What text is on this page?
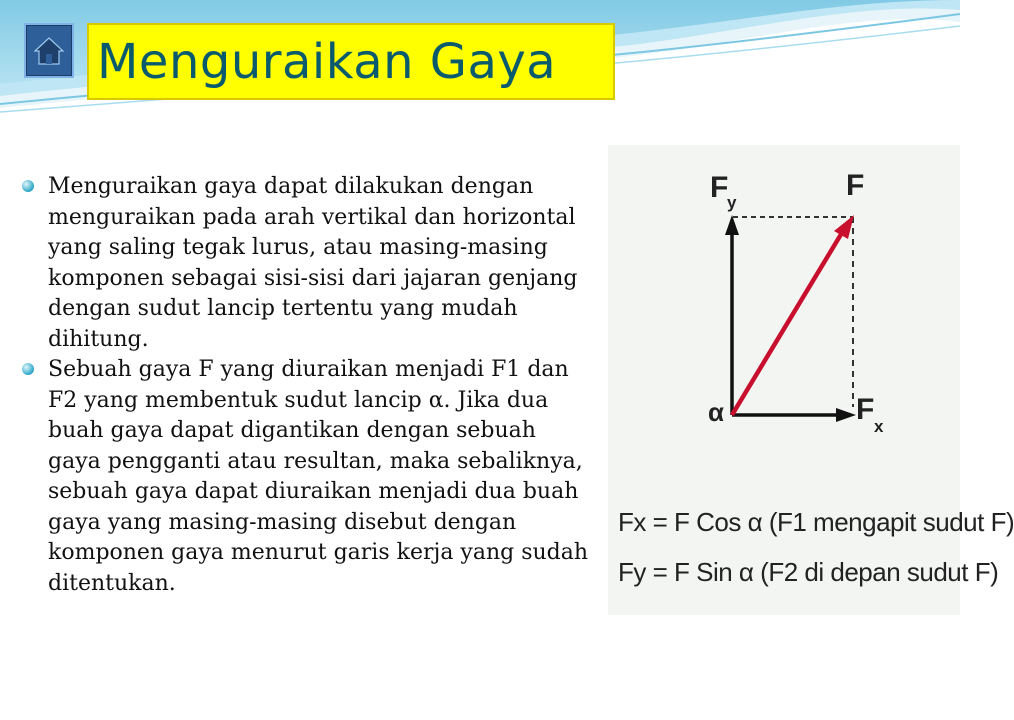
Menguraikan Gaya
Menguraikan gaya dapat dilakukan dengan menguraikan pada arah vertikal dan horizontal yang saling tegak lurus, atau masing-masing komponen sebagai sisi-sisi dari jajaran genjang dengan sudut lancip tertentu yang mudah dihitung.
Sebuah gaya F yang diuraikan menjadi F1 dan F2 yang membentuk sudut lancip α. Jika dua buah gaya dapat digantikan dengan sebuah gaya pengganti atau resultan, maka sebaliknya, sebuah gaya dapat diuraikan menjadi dua buah gaya yang masing-masing disebut dengan komponen gaya menurut garis kerja yang sudah ditentukan.
F
y
F
F
x
α
Fx = F Cos α (F1 mengapit sudut F)
Fy = F Sin α (F2 di depan sudut F)
